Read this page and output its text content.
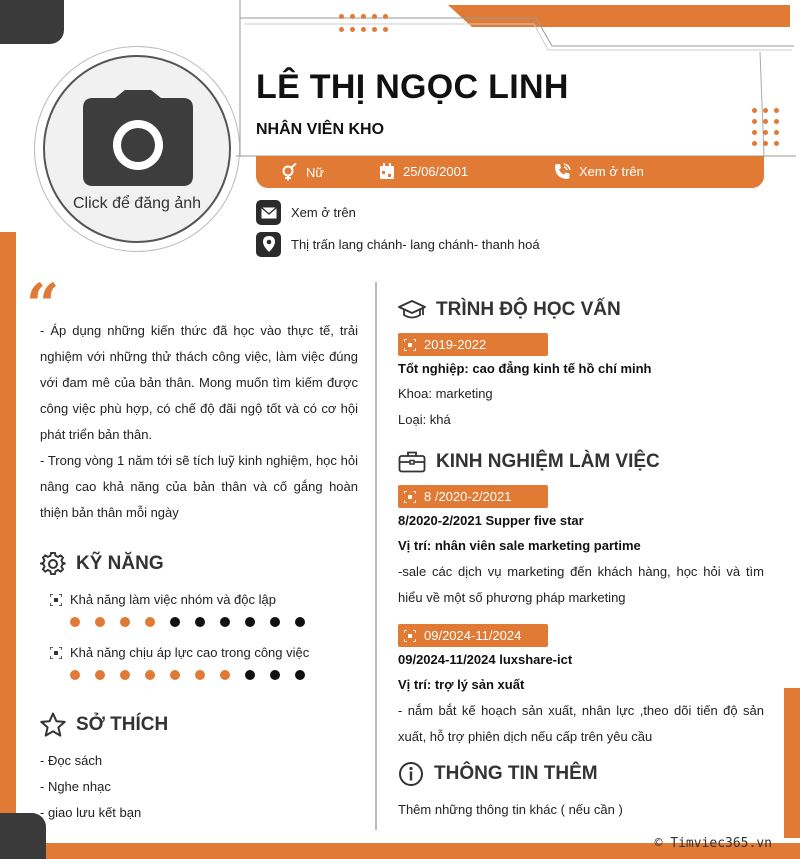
Click để đăng ảnh
LÊ THỊ NGỌC LINH
NHÂN VIÊN KHO
Nữ	25/06/2001	Xem ở trên
Xem ở trên
Thị trấn lang chánh- lang chánh- thanh hoá
“

- Áp dụng những kiến thức đã học vào thực tế, trải nghiệm với những thử thách công việc, làm việc đúng với đam mê của bản thân. Mong muốn tìm kiếm được công việc phù hợp, có chế độ đãi ngộ tốt và có cơ hội phát triển bản thân.

- Trong vòng 1 năm tới sẽ tích luỹ kinh nghiệm, học hỏi nâng cao khả năng của bản thân và cố gắng hoàn thiện bản thân mỗi ngày

KỸ NĂNG
Khả năng làm việc nhóm và độc lập
Khả năng chịu áp lực cao trong công việc
SỞ THÍCH
- Đọc sách
- Nghe nhạc
- giao lưu kết bạn
TRÌNH ĐỘ HỌC VẤN
2019-2022
Tốt nghiệp: cao đẳng kinh tế hồ chí minh
Khoa: marketing
Loại: khá
KINH NGHIỆM LÀM VIỆC
8 /2020-2/2021
8/2020-2/2021 Supper five star
Vị trí: nhân viên sale marketing partime
-sale các dịch vụ marketing đến khách hàng, học hỏi và tìm hiểu về một số phương pháp marketing
09/2024-11/2024
09/2024-11/2024 luxshare-ict
Vị trí: trợ lý sản xuất
- nắm bắt kế hoạch sản xuất, nhân lực ,theo dõi tiến độ sản xuất, hỗ trợ phiên dịch nếu cấp trên yêu cầu
THÔNG TIN THÊM
Thêm những thông tin khác ( nếu cần )
© Timviec365.vn
